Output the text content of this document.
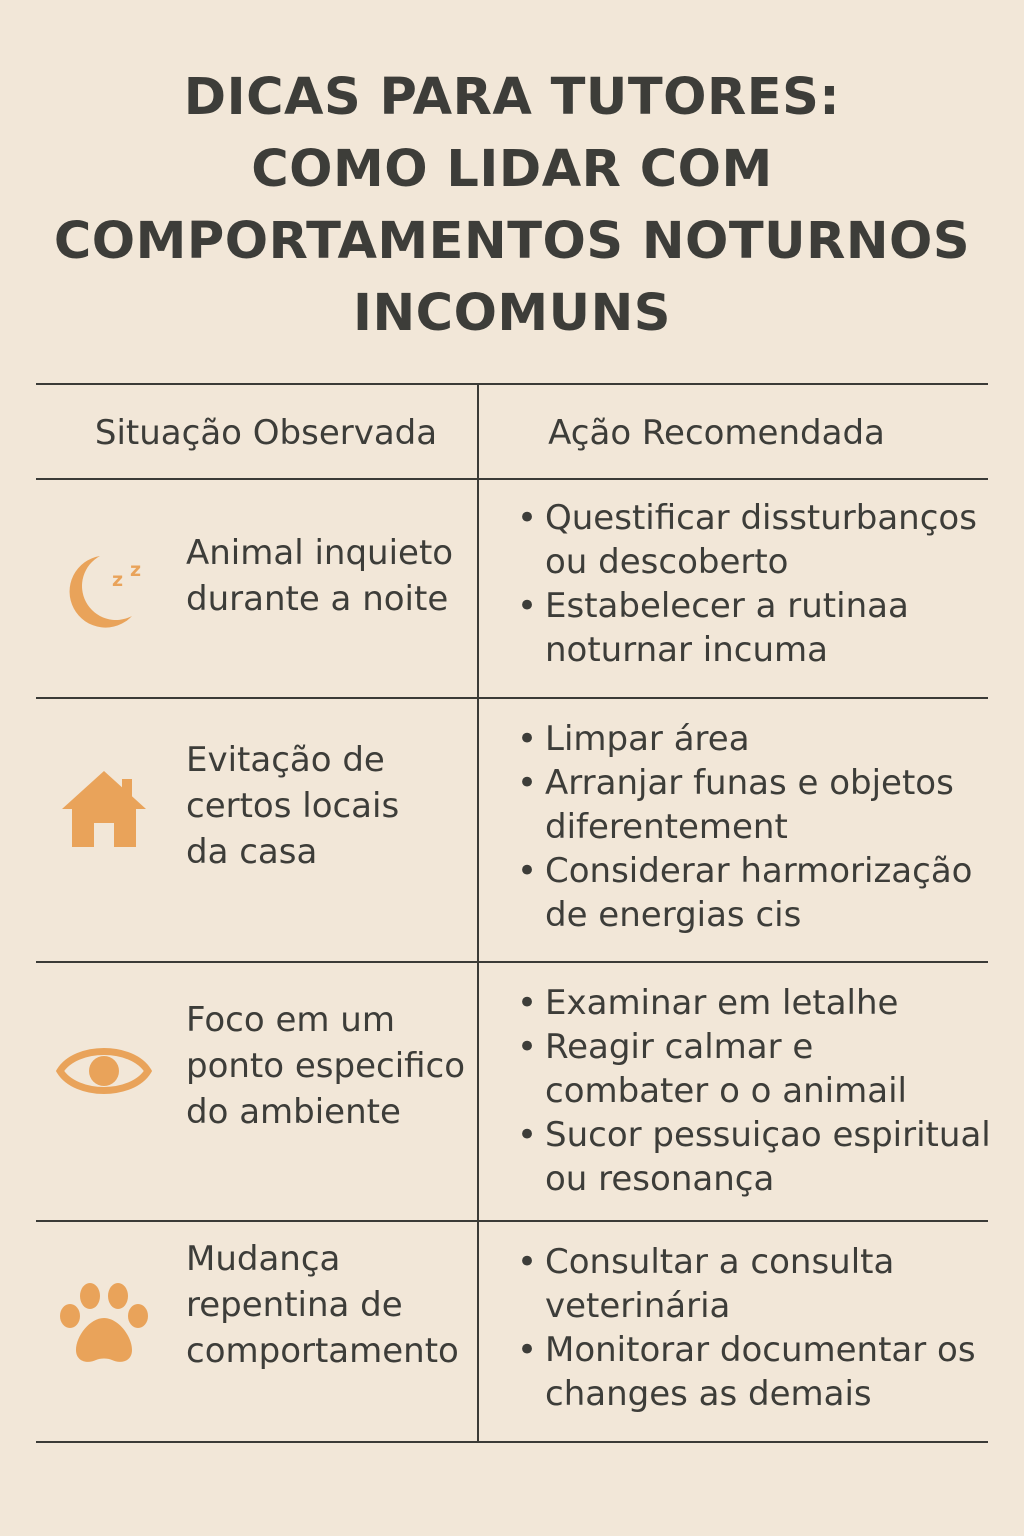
DICAS PARA TUTORES:
COMO LIDAR COM
COMPORTAMENTOS NOTURNOS
INCOMUNS
Situação Observada	Ação Recomendada
z z Animal inquieto
durante a noite
• Questificar dissturbanços
ou descoberto
• Estabelecer a rutinaa
noturnar incuma
Evitação de
certos locais
da casa
• Limpar área
• Arranjar funas e objetos
diferentement
• Considerar harmorização
de energias cis
Foco em um
ponto especifico
do ambiente
• Examinar em letalhe
• Reagir calmar e
combater o o animail
• Sucor pessuiçao espiritual
ou resonança
Mudança
repentina de
comportamento
• Consultar a consulta
veterinária
• Monitorar documentar os
changes as demais
